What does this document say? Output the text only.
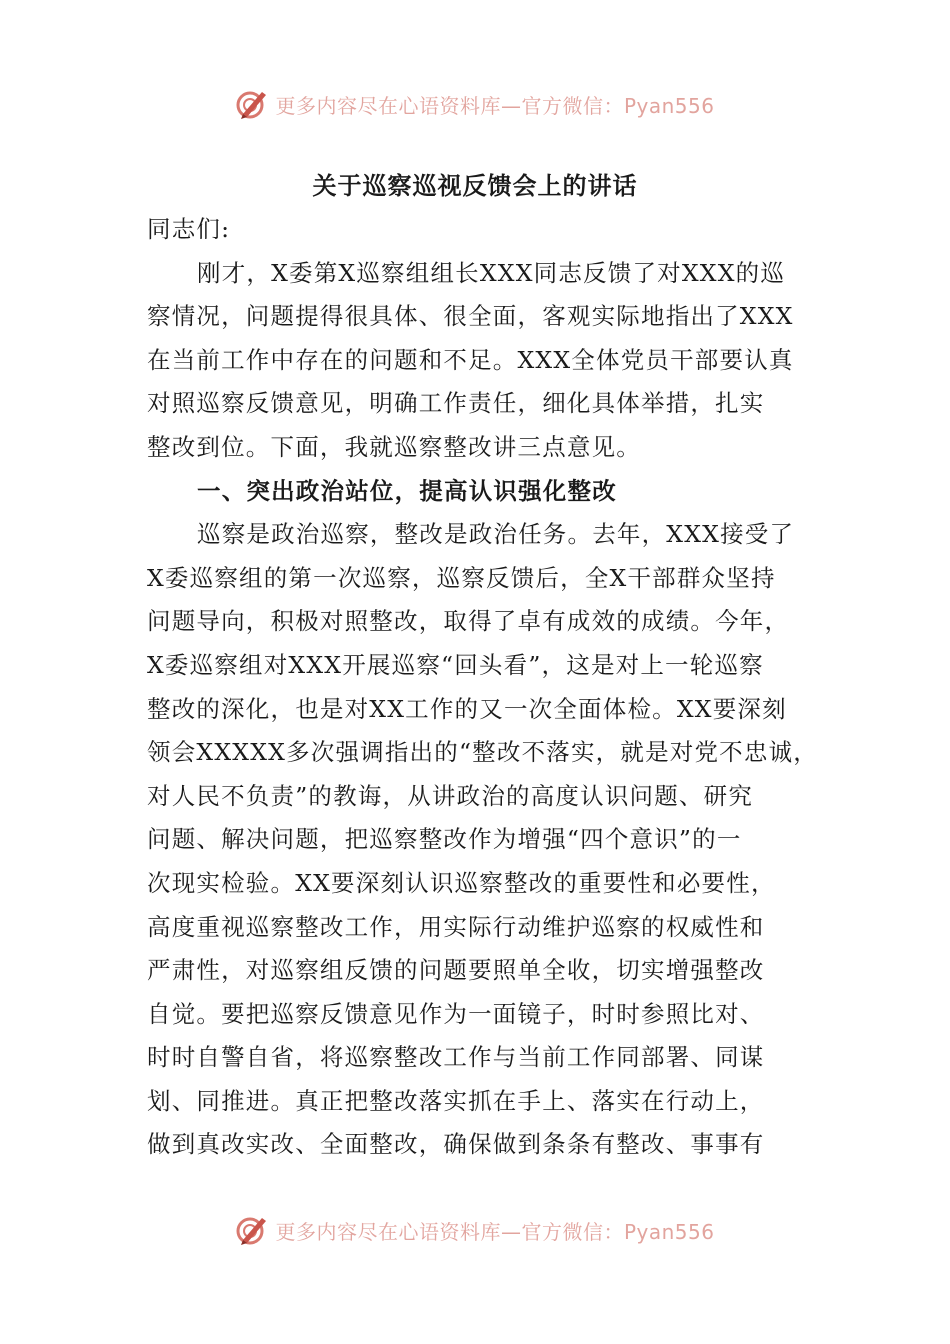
更多内容尽在心语资料库—官方微信：Pyan556
关于巡察巡视反馈会上的讲话
同志们:
刚才，X委第X巡察组组长XXX同志反馈了对XXX的巡
察情况，问题提得很具体、很全面，客观实际地指出了XXX
在当前工作中存在的问题和不足。XXX全体党员干部要认真
对照巡察反馈意见，明确工作责任，细化具体举措，扎实
整改到位。下面，我就巡察整改讲三点意见。
一、突出政治站位，提高认识强化整改
巡察是政治巡察，整改是政治任务。去年，XXX接受了
X委巡察组的第一次巡察，巡察反馈后，全X干部群众坚持
问题导向，积极对照整改，取得了卓有成效的成绩。今年，
X委巡察组对XXX开展巡察“回头看”，这是对上一轮巡察
整改的深化，也是对XX工作的又一次全面体检。XX要深刻
领会XXXXX多次强调指出的“整改不落实，就是对党不忠诚，
对人民不负责”的教诲，从讲政治的高度认识问题、研究
问题、解决问题，把巡察整改作为增强“四个意识”的一
次现实检验。XX要深刻认识巡察整改的重要性和必要性，
高度重视巡察整改工作，用实际行动维护巡察的权威性和
严肃性，对巡察组反馈的问题要照单全收，切实增强整改
自觉。要把巡察反馈意见作为一面镜子，时时参照比对、
时时自警自省，将巡察整改工作与当前工作同部署、同谋
划、同推进。真正把整改落实抓在手上、落实在行动上，
做到真改实改、全面整改，确保做到条条有整改、事事有
更多内容尽在心语资料库—官方微信：Pyan556
